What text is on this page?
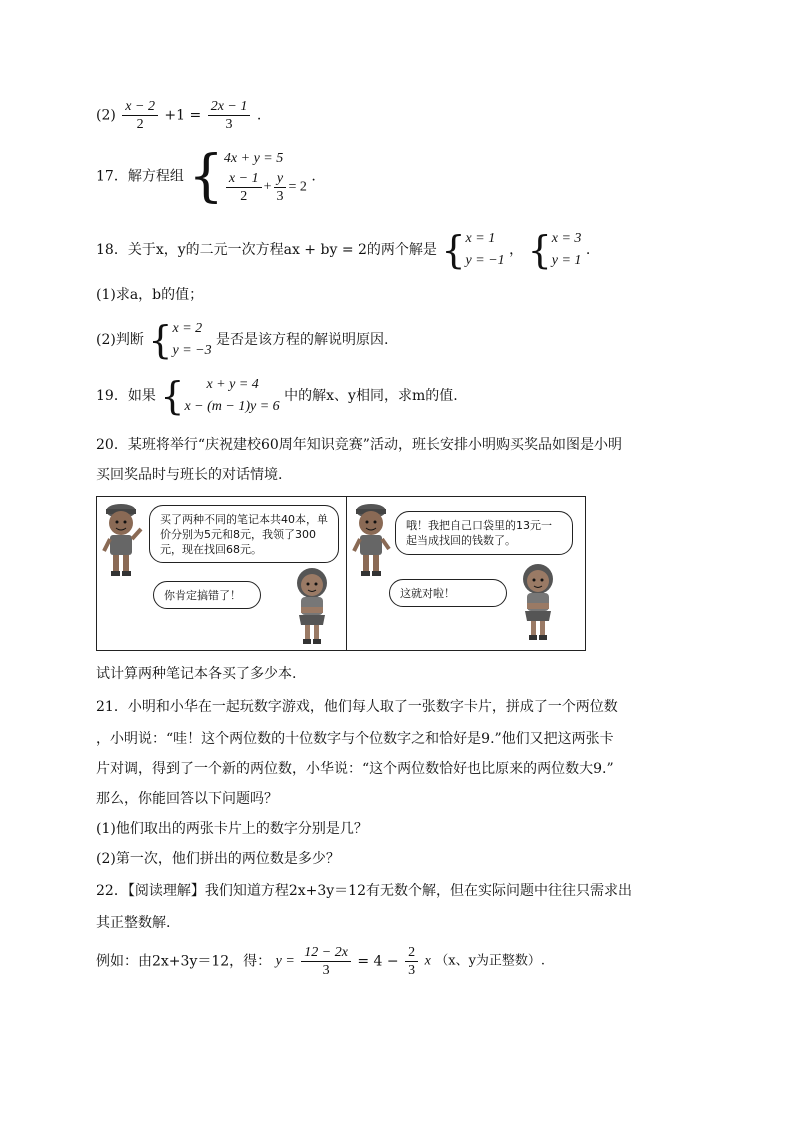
$(2) \frac{x - 2}{2} +1 = \frac{2x - 1}{3}$ .
17．解方程组 { 4x + y = 5
$\frac{x - 1}{2} + \frac{y}{3} = 2$
.
18．关于x，y的二元一次方程ax + by = 2的两个解是 { x = 1
y = −1
， { x = 3
y = 1
.
(1)求a，b的值；
(2)判断 { x = 2
y = −3
是否是该方程的解说明原因.
19．如果 {	x + y = 4
x − (m − 1)y = 6
中的解x、y相同，求m的值.
20．某班将举行“庆祝建校60周年知识竞赛”活动，班长安排小明购买奖品如图是小明
买回奖品时与班长的对话情境.
买了两种不同的笔记本共40本，单价分别为5元和8元，我领了300元，现在找回68元。
你肯定搞错了！
哦！我把自己口袋里的13元一起当成找回的钱数了。
这就对啦！
试计算两种笔记本各买了多少本.
21．小明和小华在一起玩数字游戏，他们每人取了一张数字卡片，拼成了一个两位数
，小明说：“哇！这个两位数的十位数字与个位数字之和恰好是9.”他们又把这两张卡
片对调，得到了一个新的两位数，小华说：“这个两位数恰好也比原来的两位数大9.”
那么，你能回答以下问题吗？
(1)他们取出的两张卡片上的数字分别是几？
(2)第一次，他们拼出的两位数是多少？
22．【阅读理解】我们知道方程2x+3y＝12有无数个解，但在实际问题中往往只需求出
其正整数解.
例如：由2x+3y＝12，得： $y = \frac{12 - 2x}{3} = 4 - \frac{2}{3}$ x （x、y为正整数）.
